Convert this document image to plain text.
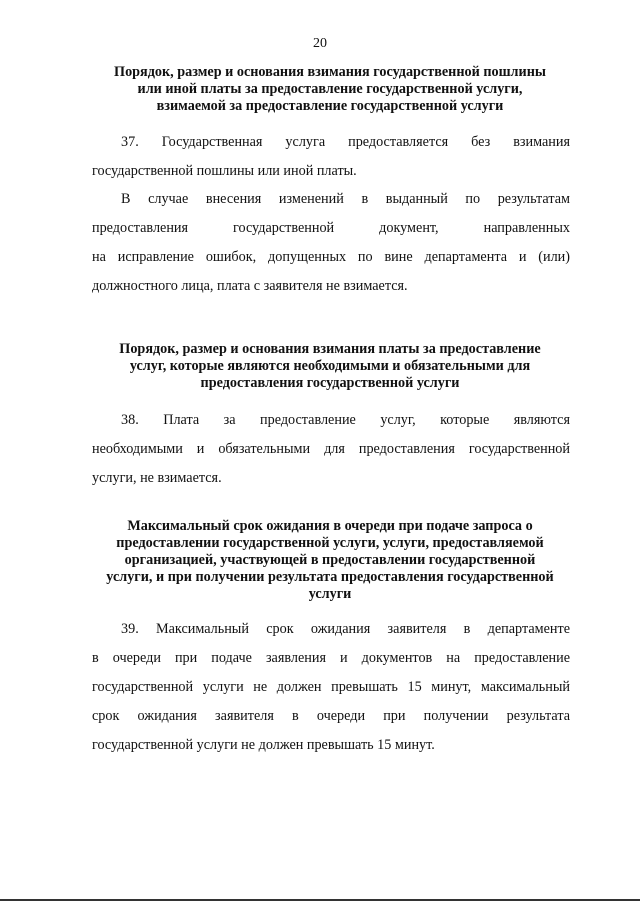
20
Порядок, размер и основания взимания государственной пошлины
или иной платы за предоставление государственной услуги,
взимаемой за предоставление государственной услуги
37. Государственная услуга предоставляется без взимания
государственной пошлины или иной платы.
В случае внесения изменений в выданный по результатам
предоставления государственной документ, направленных
на исправление ошибок, допущенных по вине департамента и (или)
должностного лица, плата с заявителя не взимается.
Порядок, размер и основания взимания платы за предоставление
услуг, которые являются необходимыми и обязательными для
предоставления государственной услуги
38. Плата за предоставление услуг, которые являются
необходимыми и обязательными для предоставления государственной
услуги, не взимается.
Максимальный срок ожидания в очереди при подаче запроса о
предоставлении государственной услуги, услуги, предоставляемой
организацией, участвующей в предоставлении государственной
услуги, и при получении результата предоставления государственной
услуги
39. Максимальный срок ожидания заявителя в департаменте
в очереди при подаче заявления и документов на предоставление
государственной услуги не должен превышать 15 минут, максимальный
срок ожидания заявителя в очереди при получении результата
государственной услуги не должен превышать 15 минут.
